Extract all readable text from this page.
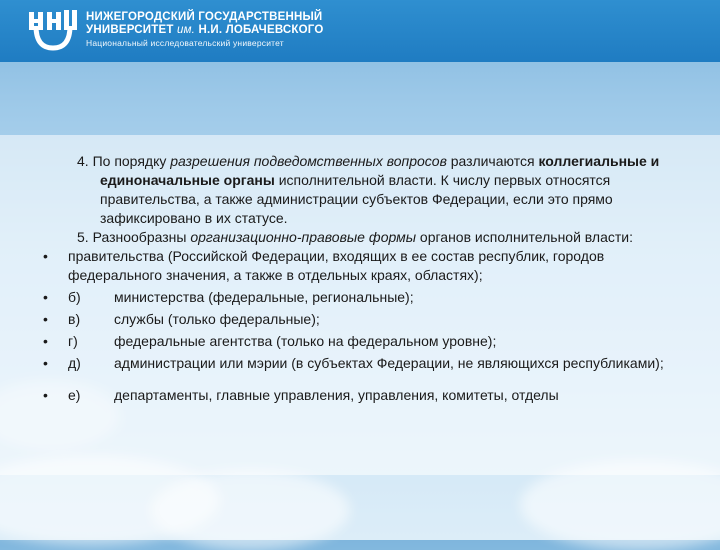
НИЖЕГОРОДСКИЙ ГОСУДАРСТВЕННЫЙ
УНИВЕРСИТЕТ им. Н.И. ЛОБАЧЕВСКОГО
Национальный исследовательский университет
4. По порядку разрешения подведомственных вопросов различаются коллегиальные и единоначальные органы исполнительной власти. К числу первых относятся правительства, а также администрации субъектов Федерации, если это прямо зафиксировано в их статусе.
5. Разнообразны организационно-правовые формы органов исполнительной власти:
•	правительства (Российской Федерации, входящих в ее состав республик, городов федерального значения, а также в отдельных краях, областях);
•	б) министерства (федеральные, региональные);
•	в) службы (только федеральные);
•	г)	федеральные агентства (только на федеральном уровне);
•	д) администрации или мэрии (в субъектах Федерации, не являющихся республиками);
•	е) департаменты, главные управления, управления, комитеты, отделы
